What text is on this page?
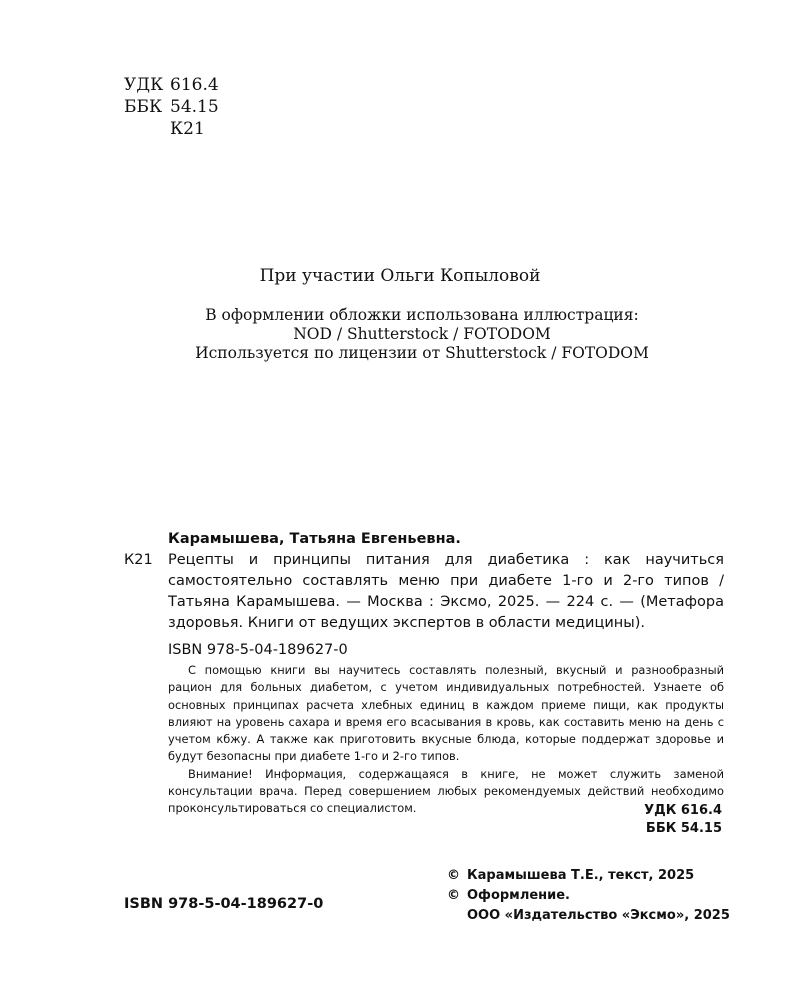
УДК 616.4
ББК 54.15
К21
При участии Ольги Копыловой
В оформлении обложки использована иллюстрация:
NOD / Shutterstock / FOTODOM
Используется по лицензии от Shutterstock / FOTODOM
Карамышева, Татьяна Евгеньевна.
К21 Рецепты и принципы питания для диабетика : как научиться самостоятельно составлять меню при диабете 1-го и 2-го типов / Татьяна Карамышева. — Москва : Эксмо, 2025. — 224 с. — (Метафора здоровья. Книги от ведущих экспертов в области медицины).
ISBN 978-5-04-189627-0

С помощью книги вы научитесь составлять полезный, вкусный и разнообразный рацион для больных диабетом, с учетом индивидуальных потребностей. Узнаете об основных принципах расчета хлебных единиц в каждом приеме пищи, как продукты влияют на уровень сахара и время его всасывания в кровь, как составить меню на день с учетом кбжу. А также как приготовить вкусные блюда, которые поддержат здоровье и будут безопасны при диабете 1-го и 2-го типов.

Внимание! Информация, содержащаяся в книге, не может служить заменой консультации врача. Перед совершением любых рекомендуемых действий необходимо проконсультироваться со специалистом.	УДК 616.4
ББК 54.15
ISBN 978-5-04-189627-0
© Карамышева Т.Е., текст, 2025
© Оформление.
ООО «Издательство «Эксмо», 2025
